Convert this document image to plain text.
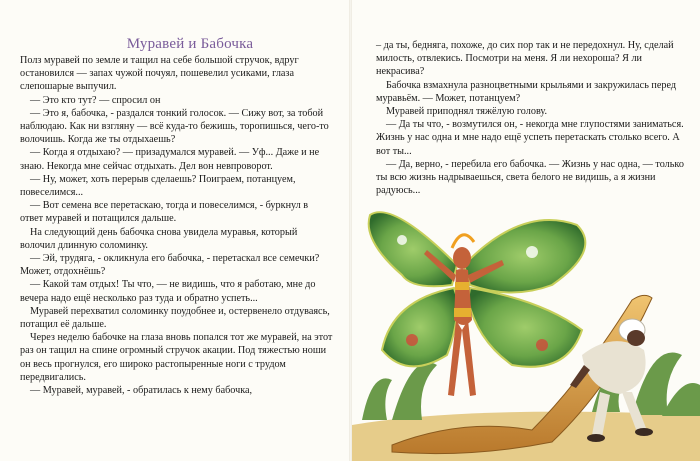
Муравей и Бабочка

Полз муравей по земле и тащил на себе большой стручок, вдруг остановился — запах чужой почуял, пошевелил усиками, глаза слепошарые выпучил.

— Это кто тут? — спросил он

— Это я, бабочка, - раздался тонкий голосок. — Сижу вот, за тобой наблюдаю. Как ни взгляну — всё куда-то бежишь, торопишься, чего-то волочишь. Когда же ты отдыхаешь?

— Когда я отдыхаю? — призадумался муравей. — Уф... Даже и не знаю. Некогда мне сейчас отдыхать. Дел вон невпроворот.

— Ну, может, хоть перерыв сделаешь? Поиграем, потанцуем, повеселимся...

— Вот семена все перетаскаю, тогда и повеселимся, - буркнул в ответ муравей и потащился дальше.

На следующий день бабочка снова увидела муравья, который волочил длинную соломинку.

— Эй, трудяга, - окликнула его бабочка, - перетаскал все семечки? Может, отдохнёшь?

— Какой там отдых! Ты что, — не видишь, что я работаю, мне до вечера надо ещё несколько раз туда и обратно успеть...

Муравей перехватил соломинку поудобнее и, остервенело отдуваясь, потащил её дальше.

Через неделю бабочке на глаза вновь попался тот же муравей, на этот раз он тащил на спине огромный стручок акации. Под тяжестью ноши он весь прогнулся, его широко растопыренные ноги с трудом передвигались.

— Муравей, муравей, - обратилась к нему бабочка,

– да ты, бедняга, похоже, до сих пор так и не передохнул. Ну, сделай милость, отвлекись. Посмотри на меня. Я ли нехороша? Я ли некрасива?

Бабочка взмахнула разноцветными крыльями и закружилась перед муравьём. — Может, потанцуем?

Муравей приподнял тяжёлую голову.

— Да ты что, - возмутился он, - некогда мне глупостями заниматься. Жизнь у нас одна и мне надо ещё успеть перетаскать столько всего. А вот ты...

— Да, верно, - перебила его бабочка. — Жизнь у нас одна, — только ты всю жизнь надрываешься, света белого не видишь, а я жизни радуюсь...
